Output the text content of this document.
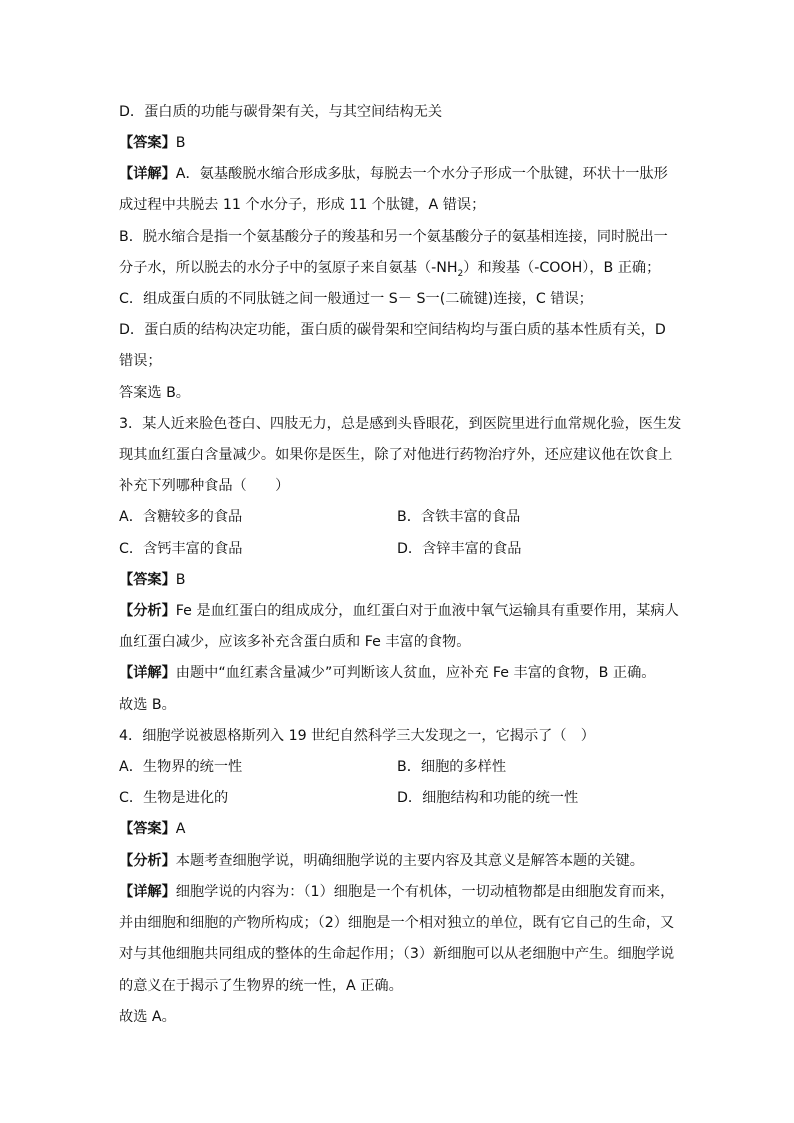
D．蛋白质的功能与碳骨架有关，与其空间结构无关
【答案】B
【详解】A．氨基酸脱水缩合形成多肽，每脱去一个水分子形成一个肽键，环状十一肽形
成过程中共脱去 11 个水分子，形成 11 个肽键，A 错误；
B．脱水缩合是指一个氨基酸分子的羧基和另一个氨基酸分子的氨基相连接，同时脱出一
分子水，所以脱去的水分子中的氢原子来自氨基$(-NH_2)$和羧基（-COOH），B 正确；
C．组成蛋白质的不同肽链之间一般通过一 S－ S一(二硫键)连接，C 错误；
D．蛋白质的结构决定功能，蛋白质的碳骨架和空间结构均与蛋白质的基本性质有关，D
错误；
答案选 B。
3．某人近来脸色苍白、四肢无力，总是感到头昏眼花，到医院里进行血常规化验，医生发
现其血红蛋白含量减少。如果你是医生，除了对他进行药物治疗外，还应建议他在饮食上
补充下列哪种食品（　　）
A．含糖较多的食品	B．含铁丰富的食品
C．含钙丰富的食品	D．含锌丰富的食品
【答案】B
【分析】Fe 是血红蛋白的组成成分，血红蛋白对于血液中氧气运输具有重要作用，某病人
血红蛋白减少，应该多补充含蛋白质和 Fe 丰富的食物。
【详解】由题中“血红素含量减少”可判断该人贫血，应补充 Fe 丰富的食物，B 正确。
故选 B。
4．细胞学说被恩格斯列入 19 世纪自然科学三大发现之一，它揭示了（　）
A．生物界的统一性	B．细胞的多样性
C．生物是进化的	D．细胞结构和功能的统一性
【答案】A
【分析】本题考查细胞学说，明确细胞学说的主要内容及其意义是解答本题的关键。
【详解】细胞学说的内容为：（1）细胞是一个有机体，一切动植物都是由细胞发育而来，
并由细胞和细胞的产物所构成；（2）细胞是一个相对独立的单位，既有它自己的生命，又
对与其他细胞共同组成的整体的生命起作用；（3）新细胞可以从老细胞中产生。细胞学说
的意义在于揭示了生物界的统一性，A 正确。
故选 A。
